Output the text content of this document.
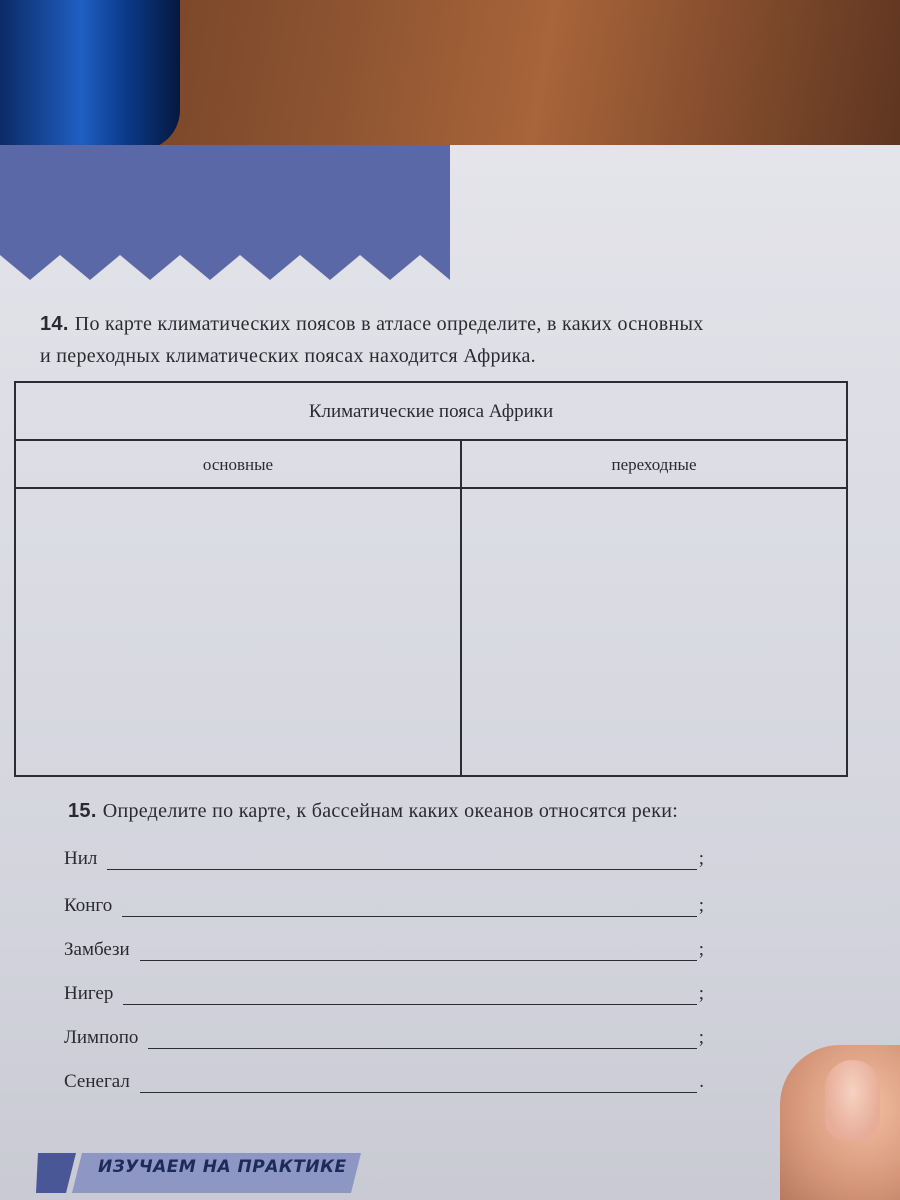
14. По карте климатических поясов в атласе определите, в каких основных
и переходных климатических поясах находится Африка.
Климатические пояса Африки
основные	переходные
15. Определите по карте, к бассейнам каких океанов относятся реки:
Нил	;
Конго	;
Замбези	;
Нигер	;
Лимпопо	;
Сенегал	.
ИЗУЧАЕМ НА ПРАКТИКЕ
